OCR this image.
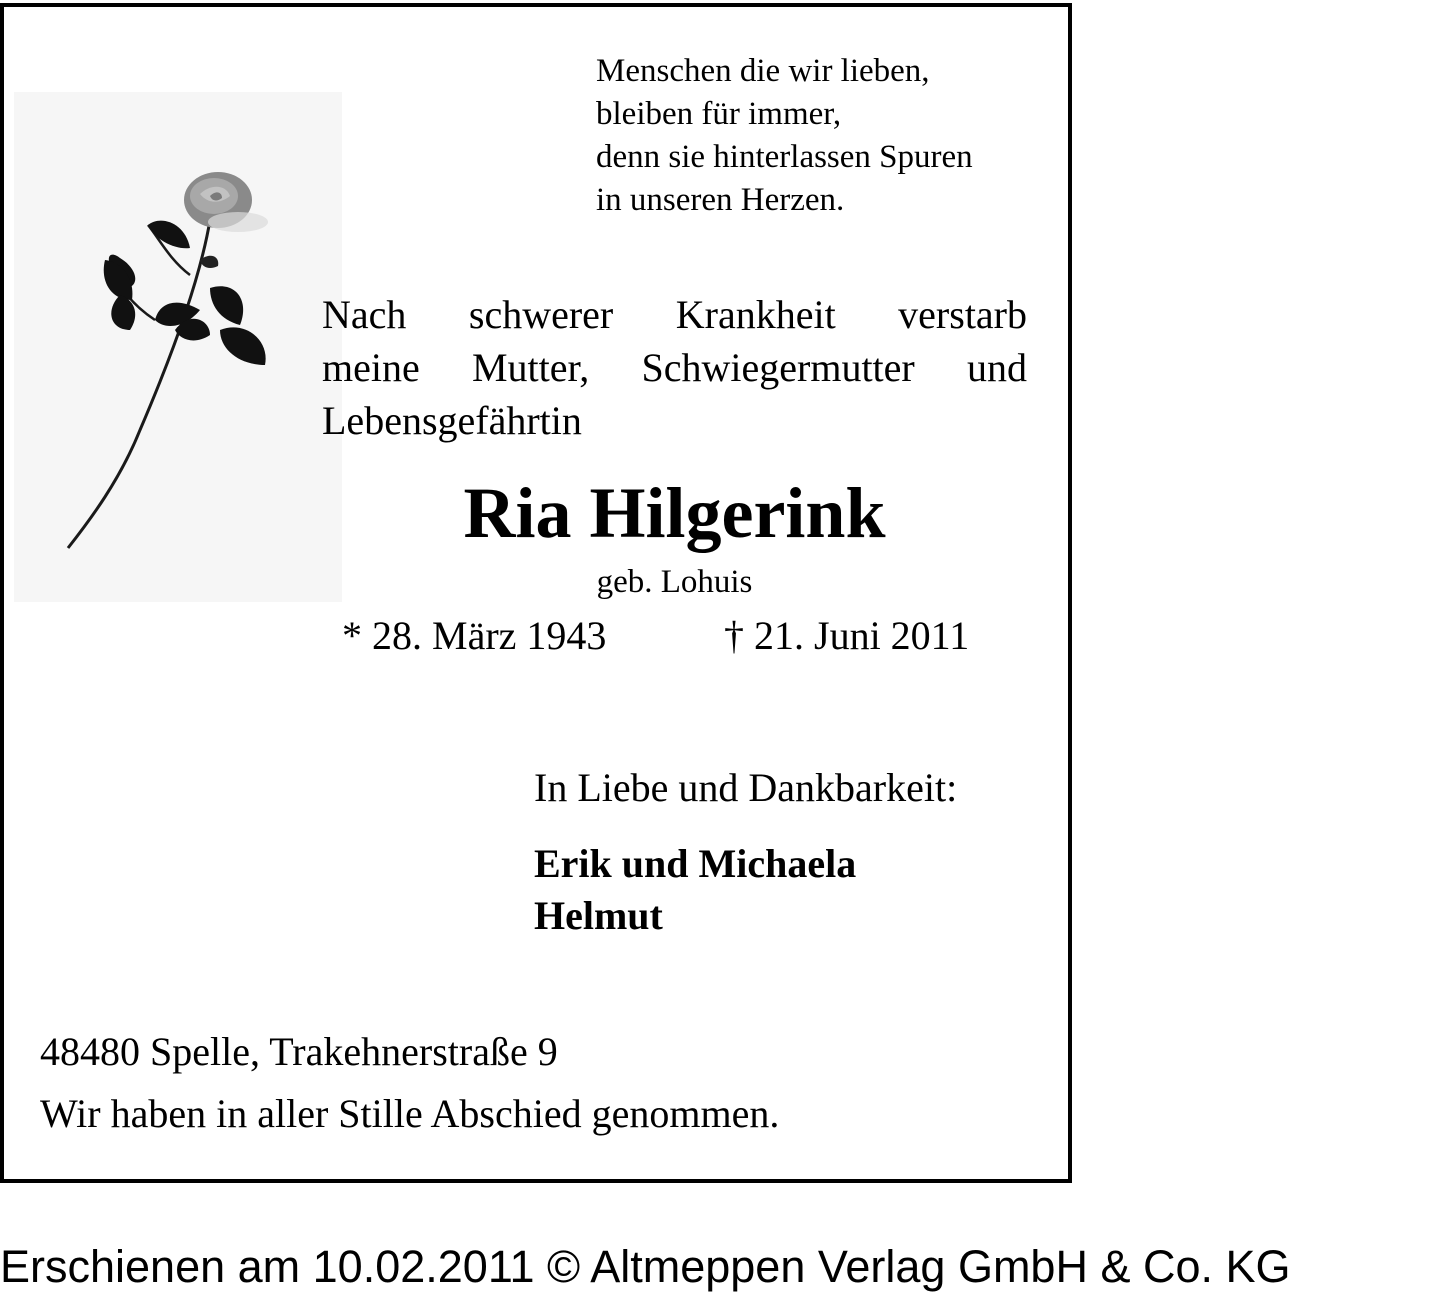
Menschen die wir lieben,
bleiben für immer,
denn sie hinterlassen Spuren
in unseren Herzen.
Nach schwerer Krankheit verstarb
meine Mutter, Schwiegermutter und
Lebensgefährtin
Ria Hilgerink
geb. Lohuis
* 28. März 1943	† 21. Juni 2011
In Liebe und Dankbarkeit:
Erik und Michaela
Helmut
48480 Spelle, Trakehnerstraße 9
Wir haben in aller Stille Abschied genommen.
Erschienen am 10.02.2011 © Altmeppen Verlag GmbH & Co. KG
